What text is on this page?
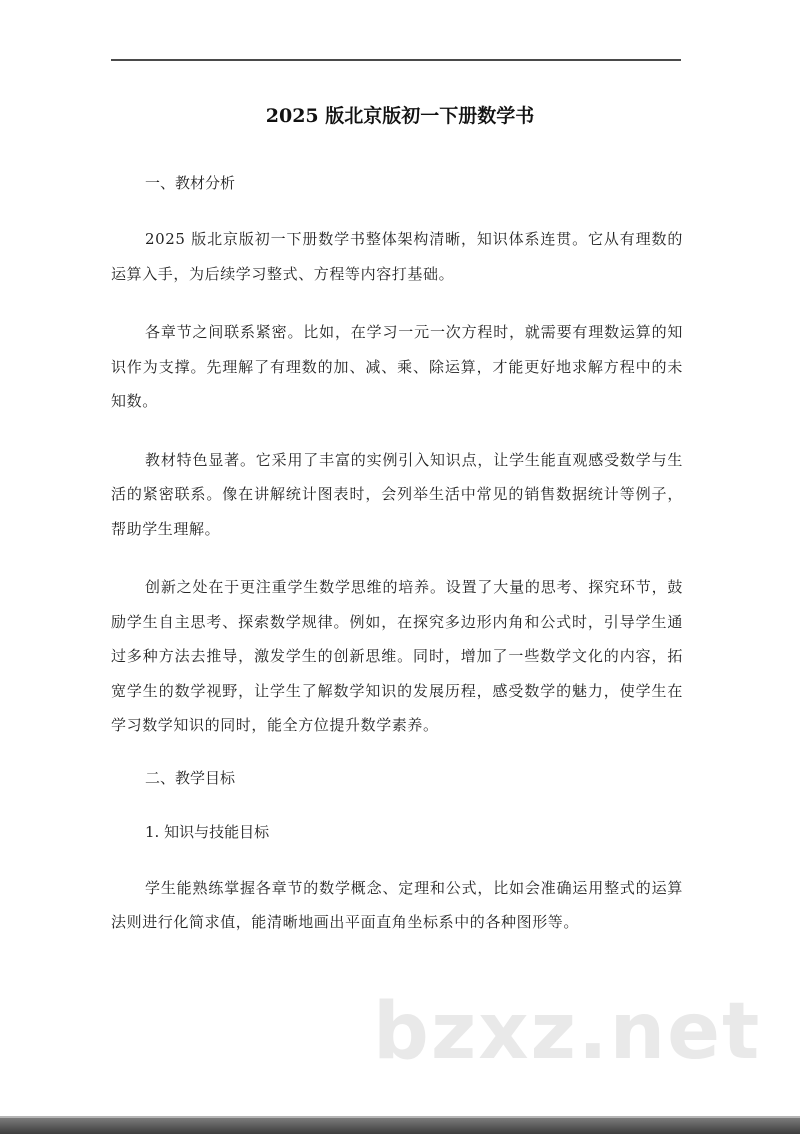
2025 版北京版初一下册数学书

一、教材分析

2025 版北京版初一下册数学书整体架构清晰，知识体系连贯。它从有理数的运算入手，为后续学习整式、方程等内容打基础。

各章节之间联系紧密。比如，在学习一元一次方程时，就需要有理数运算的知识作为支撑。先理解了有理数的加、减、乘、除运算，才能更好地求解方程中的未知数。

教材特色显著。它采用了丰富的实例引入知识点，让学生能直观感受数学与生活的紧密联系。像在讲解统计图表时，会列举生活中常见的销售数据统计等例子，帮助学生理解。

创新之处在于更注重学生数学思维的培养。设置了大量的思考、探究环节，鼓励学生自主思考、探索数学规律。例如，在探究多边形内角和公式时，引导学生通过多种方法去推导，激发学生的创新思维。同时，增加了一些数学文化的内容，拓宽学生的数学视野，让学生了解数学知识的发展历程，感受数学的魅力，使学生在学习数学知识的同时，能全方位提升数学素养。

二、教学目标

1. 知识与技能目标

学生能熟练掌握各章节的数学概念、定理和公式，比如会准确运用整式的运算法则进行化简求值，能清晰地画出平面直角坐标系中的各种图形等。

bzxz.net
